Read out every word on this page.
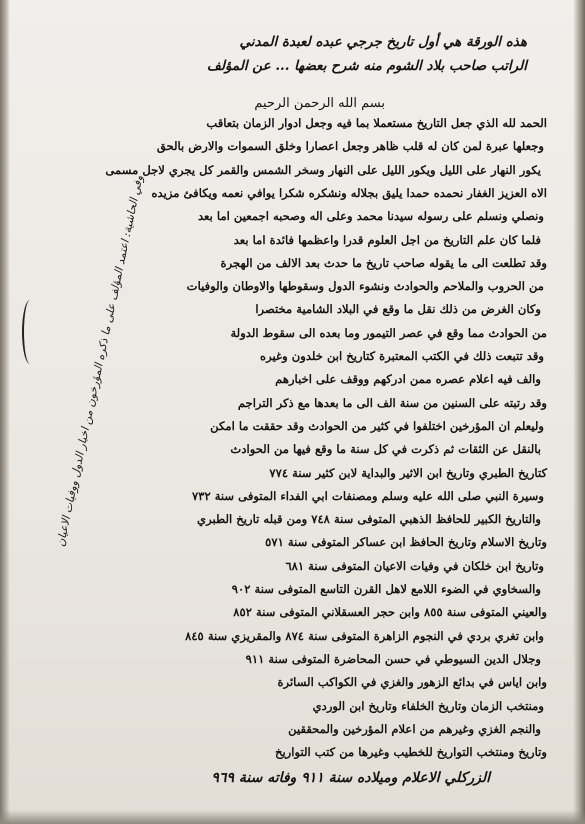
هذه الورقة هي أول تاريخ جرجي عبده لعبدة المدني
الراتب صاحب بلاد الشوم منه شرح بعضها ... عن المؤلف
بسم الله الرحمن الرحيم
الحمد لله الذي جعل التاريخ مستعملا بما فيه وجعل ادوار الزمان بتعاقب
وجعلها عبرة لمن كان له قلب ظاهر وجعل اعصارا وخلق السموات والارض بالحق
يكور النهار على الليل ويكور الليل على النهار وسخر الشمس والقمر كل يجري لاجل مسمى
الاه العزيز الغفار نحمده حمدا يليق بجلاله ونشكره شكرا يوافي نعمه ويكافئ مزيده
ونصلي ونسلم على رسوله سيدنا محمد وعلى اله وصحبه اجمعين اما بعد
فلما كان علم التاريخ من اجل العلوم قدرا واعظمها فائدة اما بعد
وقد تطلعت الى ما يقوله صاحب تاريخ ما حدث بعد الالف من الهجرة
من الحروب والملاحم والحوادث ونشوء الدول وسقوطها والاوطان والوفيات
وكان الغرض من ذلك نقل ما وقع في البلاد الشامية مختصرا
من الحوادث مما وقع في عصر التيمور وما بعده الى سقوط الدولة
وقد تتبعت ذلك في الكتب المعتبرة كتاريخ ابن خلدون وغيره
والف فيه اعلام عصره ممن ادركهم ووقف على اخبارهم
وقد رتبته على السنين من سنة الف الى ما بعدها مع ذكر التراجم
وليعلم ان المؤرخين اختلفوا في كثير من الحوادث وقد حققت ما امكن
بالنقل عن الثقات ثم ذكرت في كل سنة ما وقع فيها من الحوادث
كتاريخ الطبري وتاريخ ابن الاثير والبداية لابن كثير سنة ٧٧٤
وسيرة النبي صلى الله عليه وسلم ومصنفات ابي الفداء المتوفى سنة ٧٣٢
والتاريخ الكبير للحافظ الذهبي المتوفى سنة ٧٤٨ ومن قبله تاريخ الطبري
وتاريخ الاسلام وتاريخ الحافظ ابن عساكر المتوفى سنة ٥٧١
وتاريخ ابن خلكان في وفيات الاعيان المتوفى سنة ٦٨١
والسخاوي في الضوء اللامع لاهل القرن التاسع المتوفى سنة ٩٠٢
والعيني المتوفى سنة ٨٥٥ وابن حجر العسقلاني المتوفى سنة ٨٥٢
وابن تغري بردي في النجوم الزاهرة المتوفى سنة ٨٧٤ والمقريزي سنة ٨٤٥
وجلال الدين السيوطي في حسن المحاضرة المتوفى سنة ٩١١
وابن اياس في بدائع الزهور والغزي في الكواكب السائرة
ومنتخب الزمان وتاريخ الخلفاء وتاريخ ابن الوردي
والنجم الغزي وغيرهم من اعلام المؤرخين والمحققين
وتاريخ ومنتخب التواريخ للخطيب وغيرها من كتب التواريخ
وفي الحاشية: اعتمد المؤلف على ما ذكره المؤرخون من اخبار الدول ووفيات الاعيان
الزركلي الاعلام وميلاده سنة ٩١١ وفاته سنة ٩٦٩
